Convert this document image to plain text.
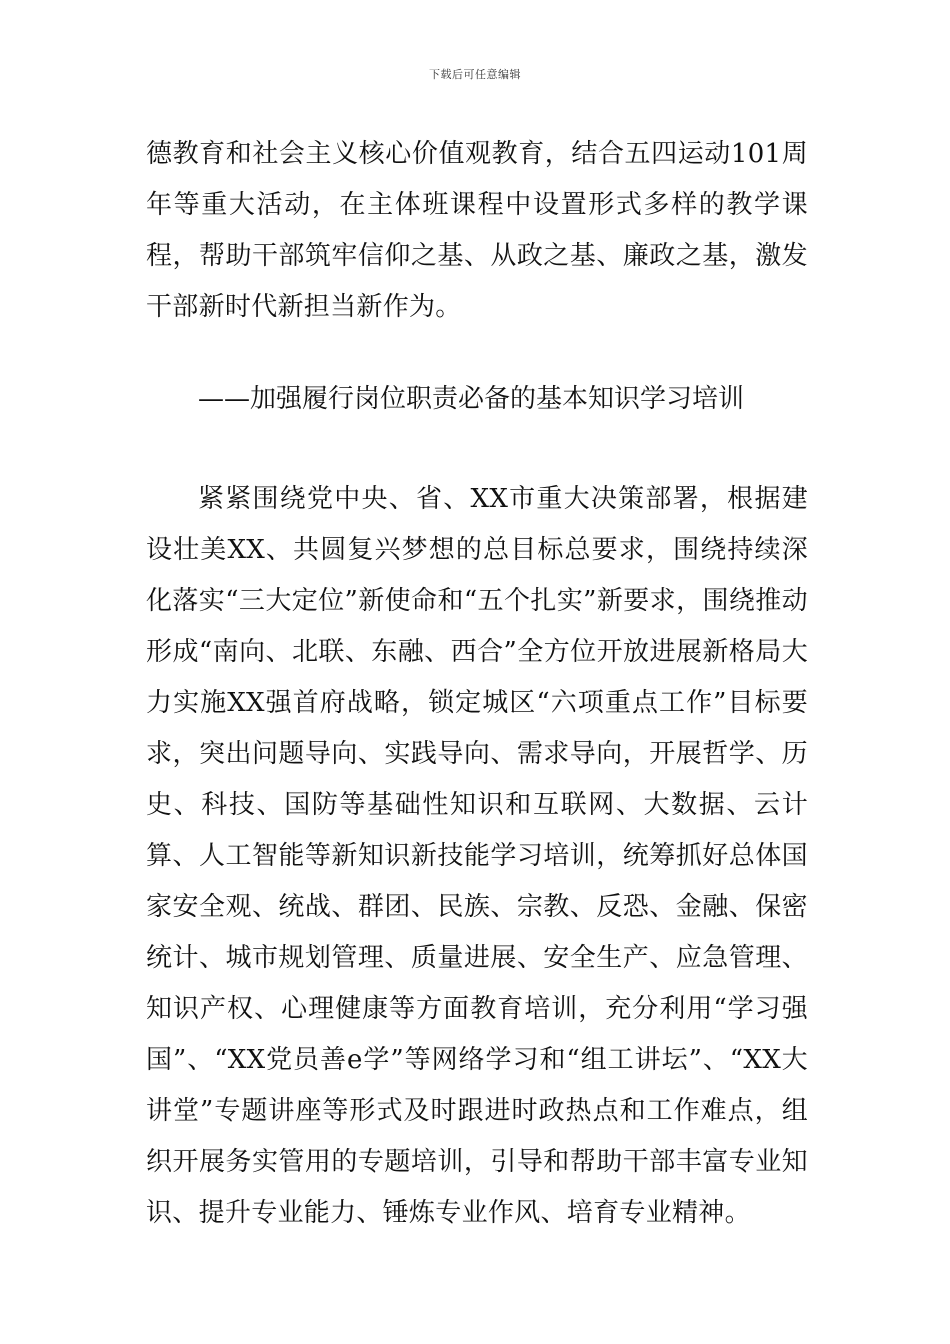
下载后可任意编辑
德教育和社会主义核心价值观教育，结合五四运动101周年等重大活动，在主体班课程中设置形式多样的教学课程，帮助干部筑牢信仰之基、从政之基、廉政之基，激发干部新时代新担当新作为。
——加强履行岗位职责必备的基本知识学习培训
紧紧围绕党中央、省、XX市重大决策部署，根据建设壮美XX、共圆复兴梦想的总目标总要求，围绕持续深化落实“三大定位”新使命和“五个扎实”新要求，围绕推动形成“南向、北联、东融、西合”全方位开放进展新格局大力实施XX强首府战略，锁定城区“六项重点工作”目标要求，突出问题导向、实践导向、需求导向，开展哲学、历史、科技、国防等基础性知识和互联网、大数据、云计算、人工智能等新知识新技能学习培训，统筹抓好总体国家安全观、统战、群团、民族、宗教、反恐、金融、保密统计、城市规划管理、质量进展、安全生产、应急管理、知识产权、心理健康等方面教育培训，充分利用“学习强国”、“XX党员善e学”等网络学习和“组工讲坛”、“XX大讲堂”专题讲座等形式及时跟进时政热点和工作难点，组织开展务实管用的专题培训，引导和帮助干部丰富专业知识、提升专业能力、锤炼专业作风、培育专业精神。
